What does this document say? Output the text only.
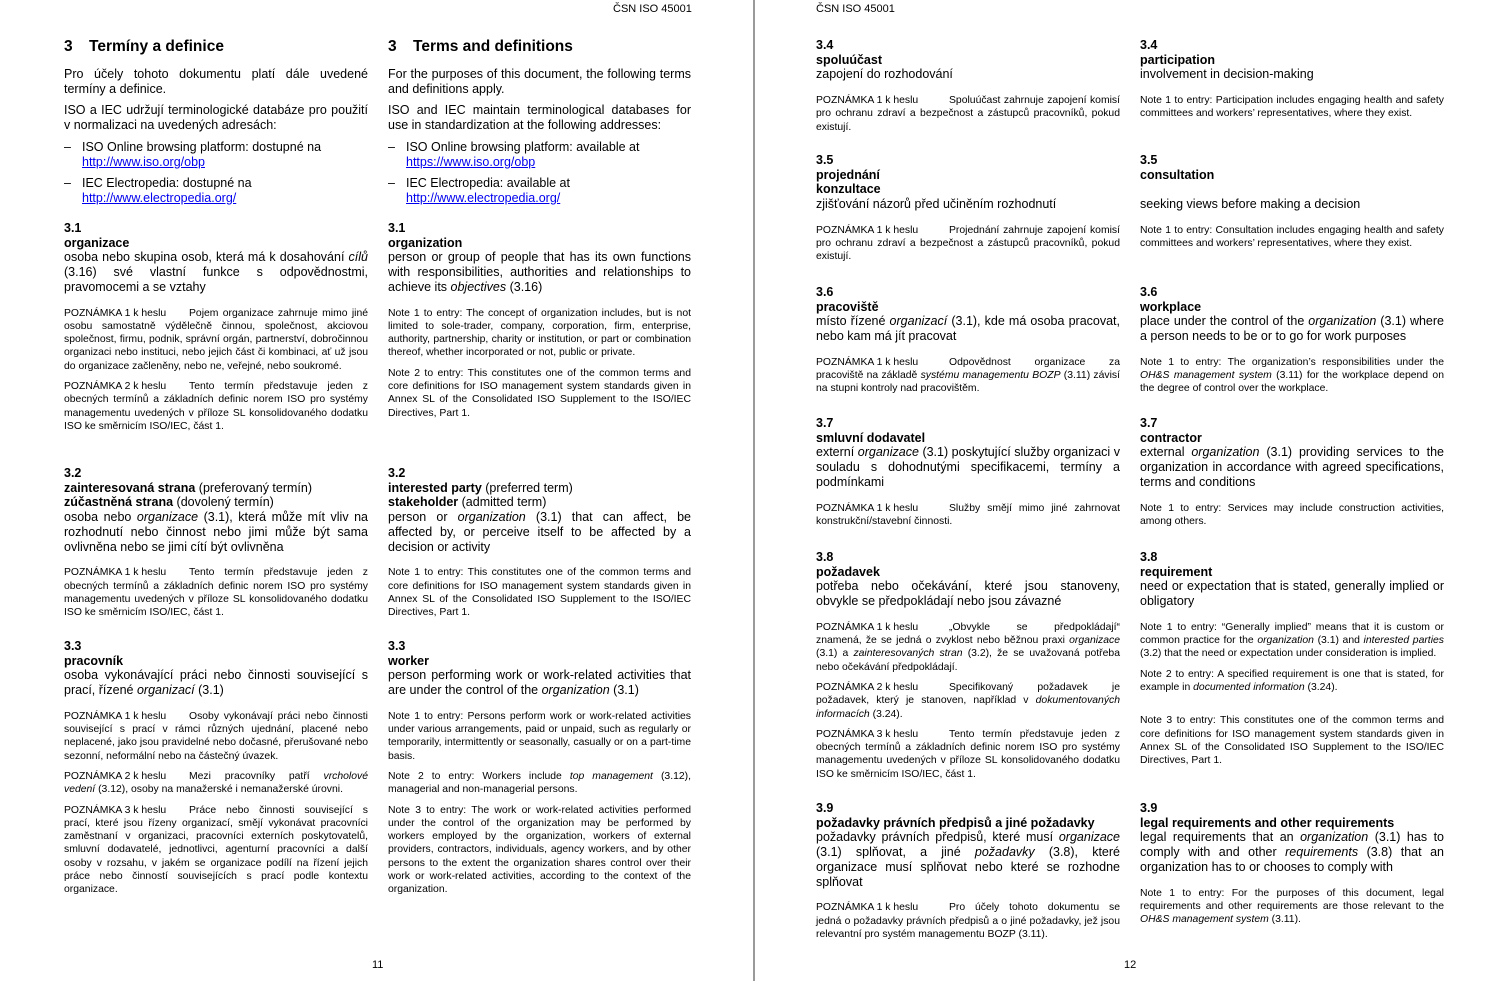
ČSN ISO 45001
11
3 Termíny a definice	3 Terms and definitions

Pro účely tohoto dokumentu platí dále uvedené termíny a definice.

ISO a IEC udržují terminologické databáze pro použití v normalizaci na uvedených adresách:

– ISO Online browsing platform: dostupné na
http://www.iso.org/obp
– IEC Electropedia: dostupné na
http://www.electropedia.org/
3.1
organizace

osoba nebo skupina osob, která má k dosahování cílů (3.16) své vlastní funkce s odpovědnostmi, pravomocemi a se vztahy

POZNÁMKA 1 k heslu Pojem organizace zahrnuje mimo jiné osobu samostatně výdělečně činnou, společnost, akciovou společnost, firmu, podnik, správní orgán, partnerství, dobročinnou organizaci nebo instituci, nebo jejich část či kombinaci, ať už jsou do organizace začleněny, nebo ne, veřejné, nebo soukromé.

POZNÁMKA 2 k heslu Tento termín představuje jeden z obecných termínů a základních definic norem ISO pro systémy managementu uvedených v příloze SL konsolidovaného dodatku ISO ke směrnicím ISO/IEC, část 1.

3.2
zainteresovaná strana (preferovaný termín)
zúčastněná strana (dovolený termín)

osoba nebo organizace (3.1), která může mít vliv na rozhodnutí nebo činnost nebo jimi může být sama ovlivněna nebo se jimi cítí být ovlivněna

POZNÁMKA 1 k heslu Tento termín představuje jeden z obecných termínů a základních definic norem ISO pro systémy managementu uvedených v příloze SL konsolidovaného dodatku ISO ke směrnicím ISO/IEC, část 1.

3.3
pracovník

osoba vykonávající práci nebo činnosti související s prací, řízené organizací (3.1)

POZNÁMKA 1 k heslu Osoby vykonávají práci nebo činnosti související s prací v rámci různých ujednání, placené nebo neplacené, jako jsou pravidelné nebo dočasné, přerušované nebo sezonní, neformální nebo na částečný úvazek.

POZNÁMKA 2 k heslu Mezi pracovníky patří vrcholové vedení (3.12), osoby na manažerské i nemanažerské úrovni.

POZNÁMKA 3 k heslu Práce nebo činnosti související s prací, které jsou řízeny organizací, smějí vykonávat pracovníci zaměstnaní v organizaci, pracovníci externích poskytovatelů, smluvní dodavatelé, jednotlivci, agenturní pracovníci a další osoby v rozsahu, v jakém se organizace podílí na řízení jejich práce nebo činností souvisejících s prací podle kontextu organizace.

For the purposes of this document, the following terms and definitions apply.

ISO and IEC maintain terminological databases for use in standardization at the following addresses:

– ISO Online browsing platform: available at
https://www.iso.org/obp
– IEC Electropedia: available at
http://www.electropedia.org/
3.1
organization

person or group of people that has its own functions with responsibilities, authorities and relationships to achieve its objectives (3.16)

Note 1 to entry: The concept of organization includes, but is not limited to sole-trader, company, corporation, firm, enterprise, authority, partnership, charity or institution, or part or combination thereof, whether incorporated or not, public or private.

Note 2 to entry: This constitutes one of the common terms and core definitions for ISO management system standards given in Annex SL of the Consolidated ISO Supplement to the ISO/IEC Directives, Part 1.

3.2
interested party (preferred term)
stakeholder (admitted term)

person or organization (3.1) that can affect, be affected by, or perceive itself to be affected by a decision or activity

Note 1 to entry: This constitutes one of the common terms and core definitions for ISO management system standards given in Annex SL of the Consolidated ISO Supplement to the ISO/IEC Directives, Part 1.

3.3
worker

person performing work or work-related activities that are under the control of the organization (3.1)

Note 1 to entry: Persons perform work or work-related activities under various arrangements, paid or unpaid, such as regularly or temporarily, intermittently or seasonally, casually or on a part-time basis.

Note 2 to entry: Workers include top management (3.12), managerial and non-managerial persons.

Note 3 to entry: The work or work-related activities performed under the control of the organization may be performed by workers employed by the organization, workers of external providers, contractors, individuals, agency workers, and by other persons to the extent the organization shares control over their work or work-related activities, according to the context of the organization.

ČSN ISO 45001
12
3.4
spoluúčast

zapojení do rozhodování

POZNÁMKA 1 k heslu	Spoluúčast zahrnuje zapojení komisí pro ochranu zdraví a bezpečnost a zástupců pracovníků, pokud existují.

3.5
projednání
konzultace

zjišťování názorů před učiněním rozhodnutí

POZNÁMKA 1 k heslu	Projednání zahrnuje zapojení komisí pro ochranu zdraví a bezpečnost a zástupců pracovníků, pokud existují.

3.6
pracoviště

místo řízené organizací (3.1), kde má osoba pracovat, nebo kam má jít pracovat

POZNÁMKA 1 k heslu	Odpovědnost organizace za pracoviště na základě systému managementu BOZP (3.11) závisí na stupni kontroly nad pracovištěm.

3.7
smluvní dodavatel

externí organizace (3.1) poskytující služby organizaci v souladu s dohodnutými specifikacemi, termíny a podmínkami

POZNÁMKA 1 k heslu	Služby smějí mimo jiné zahrnovat konstrukční/stavební činnosti.

3.8
požadavek

potřeba nebo očekávání, které jsou stanoveny, obvykle se předpokládají nebo jsou závazné

POZNÁMKA 1 k heslu	„Obvykle se předpokládají“ znamená, že se jedná o zvyklost nebo běžnou praxi organizace (3.1) a zainteresovaných stran (3.2), že se uvažovaná potřeba nebo očekávání předpokládají.

POZNÁMKA 2 k heslu	Specifikovaný požadavek je požadavek, který je stanoven, například v dokumentovaných informacích (3.24).

POZNÁMKA 3 k heslu	Tento termín představuje jeden z obecných termínů a základních definic norem ISO pro systémy managementu uvedených v příloze SL konsolidovaného dodatku ISO ke směrnicím ISO/IEC, část 1.

3.9
požadavky právních předpisů a jiné požadavky

požadavky právních předpisů, které musí organizace (3.1) splňovat, a jiné požadavky (3.8), které organizace musí splňovat nebo které se rozhodne splňovat

POZNÁMKA 1 k heslu	Pro účely tohoto dokumentu se jedná o požadavky právních předpisů a o jiné požadavky, jež jsou relevantní pro systém managementu BOZP (3.11).

3.4
participation

involvement in decision-making

Note 1 to entry: Participation includes engaging health and safety committees and workers’ representatives, where they exist.

3.5
consultation

seeking views before making a decision

Note 1 to entry: Consultation includes engaging health and safety committees and workers’ representatives, where they exist.

3.6
workplace

place under the control of the organization (3.1) where a person needs to be or to go for work purposes

Note 1 to entry: The organization’s responsibilities under the OH&S management system (3.11) for the workplace depend on the degree of control over the workplace.

3.7
contractor

external organization (3.1) providing services to the organization in accordance with agreed specifications, terms and conditions

Note 1 to entry: Services may include construction activities, among others.

3.8
requirement

need or expectation that is stated, generally implied or obligatory

Note 1 to entry: “Generally implied” means that it is custom or common practice for the organization (3.1) and interested parties (3.2) that the need or expectation under consideration is implied.

Note 2 to entry: A specified requirement is one that is stated, for example in documented information (3.24).

Note 3 to entry: This constitutes one of the common terms and core definitions for ISO management system standards given in Annex SL of the Consolidated ISO Supplement to the ISO/IEC Directives, Part 1.

3.9
legal requirements and other requirements

legal requirements that an organization (3.1) has to comply with and other requirements (3.8) that an organization has to or chooses to comply with

Note 1 to entry: For the purposes of this document, legal requirements and other requirements are those relevant to the OH&S management system (3.11).
